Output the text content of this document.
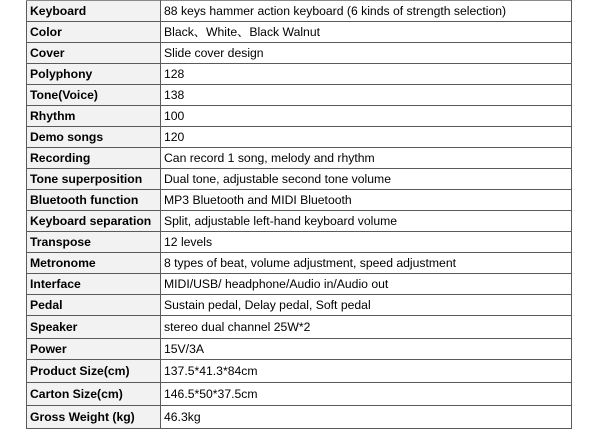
Keyboard	88 keys hammer action keyboard (6 kinds of strength selection)
Color	Black、White、Black Walnut
Cover	Slide cover design
Polyphony	128
Tone(Voice)	138
Rhythm	100
Demo songs	120
Recording	Can record 1 song, melody and rhythm
Tone superposition	Dual tone, adjustable second tone volume
Bluetooth function	MP3 Bluetooth and MIDI Bluetooth
Keyboard separation	Split, adjustable left-hand keyboard volume
Transpose	12 levels
Metronome	8 types of beat, volume adjustment, speed adjustment
Interface	MIDI/USB/ headphone/Audio in/Audio out
Pedal	Sustain pedal, Delay pedal, Soft pedal
Speaker	stereo dual channel 25W*2
Power	15V/3A
Product Size(cm)	137.5*41.3*84cm
Carton Size(cm)	146.5*50*37.5cm
Gross Weight (kg)	46.3kg
